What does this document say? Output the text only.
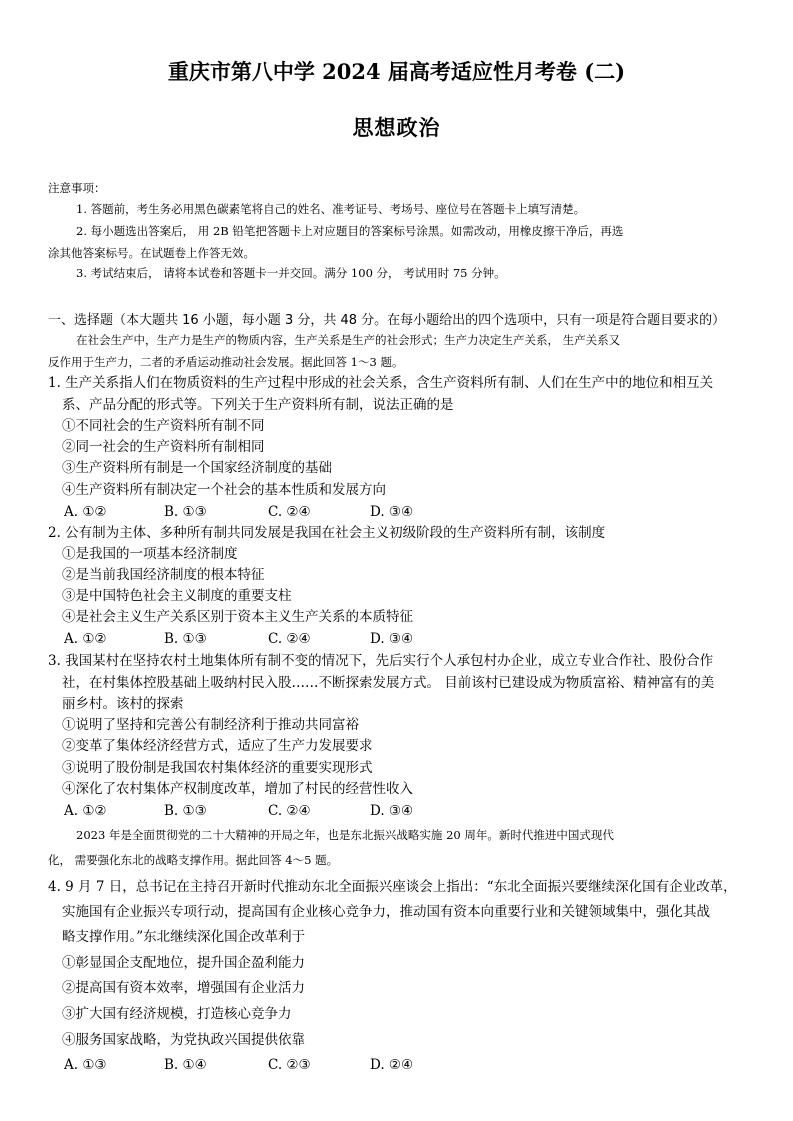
重庆市第八中学 2024 届高考适应性月考卷 (二)
思想政治
注意事项：
1. 答题前，考生务必用黑色碳素笔将自己的姓名、准考证号、考场号、座位号在答题卡上填写清楚。
2. 每小题选出答案后， 用 2B 铅笔把答题卡上对应题目的答案标号涂黑。如需改动，用橡皮擦干净后，再选
涂其他答案标号。在试题卷上作答无效。
3. 考试结束后， 请将本试卷和答题卡一并交回。满分 100 分， 考试用时 75 分钟。
一、选择题（本大题共 16 小题，每小题 3 分，共 48 分。在每小题给出的四个选项中，只有一项是符合题目要求的）
在社会生产中，生产力是生产的物质内容，生产关系是生产的社会形式；生产力决定生产关系， 生产关系又
反作用于生产力，二者的矛盾运动推动社会发展。据此回答 1～3 题。
1. 生产关系指人们在物质资料的生产过程中形成的社会关系，含生产资料所有制、人们在生产中的地位和相互关
系、产品分配的形式等。下列关于生产资料所有制，说法正确的是
①不同社会的生产资料所有制不同
②同一社会的生产资料所有制相同
③生产资料所有制是一个国家经济制度的基础
④生产资料所有制决定一个社会的基本性质和发展方向
A. ①②	B. ①③	C. ②④	D. ③④
2. 公有制为主体、多种所有制共同发展是我国在社会主义初级阶段的生产资料所有制，该制度
①是我国的一项基本经济制度
②是当前我国经济制度的根本特征
③是中国特色社会主义制度的重要支柱
④是社会主义生产关系区别于资本主义生产关系的本质特征
A. ①②	B. ①③	C. ②④	D. ③④
3. 我国某村在坚持农村土地集体所有制不变的情况下，先后实行个人承包村办企业，成立专业合作社、股份合作
社，在村集体控股基础上吸纳村民入股……不断探索发展方式。 目前该村已建设成为物质富裕、精神富有的美
丽乡村。该村的探索
①说明了坚持和完善公有制经济利于推动共同富裕
②变革了集体经济经营方式，适应了生产力发展要求
③说明了股份制是我国农村集体经济的重要实现形式
④深化了农村集体产权制度改革，增加了村民的经营性收入
A. ①②	B. ①③	C. ②④	D. ③④
2023 年是全面贯彻党的二十大精神的开局之年，也是东北振兴战略实施 20 周年。新时代推进中国式现代
化， 需要强化东北的战略支撑作用。据此回答 4～5 题。
4. 9 月 7 日，总书记在主持召开新时代推动东北全面振兴座谈会上指出：“东北全面振兴要继续深化国有企业改革，
实施国有企业振兴专项行动，提高国有企业核心竞争力，推动国有资本向重要行业和关键领域集中，强化其战
略支撑作用。”东北继续深化国企改革利于
①彰显国企支配地位，提升国企盈利能力
②提高国有资本效率，增强国有企业活力
③扩大国有经济规模，打造核心竞争力
④服务国家战略，为党执政兴国提供依靠
A. ①③	B. ①④	C. ②③	D. ②④
